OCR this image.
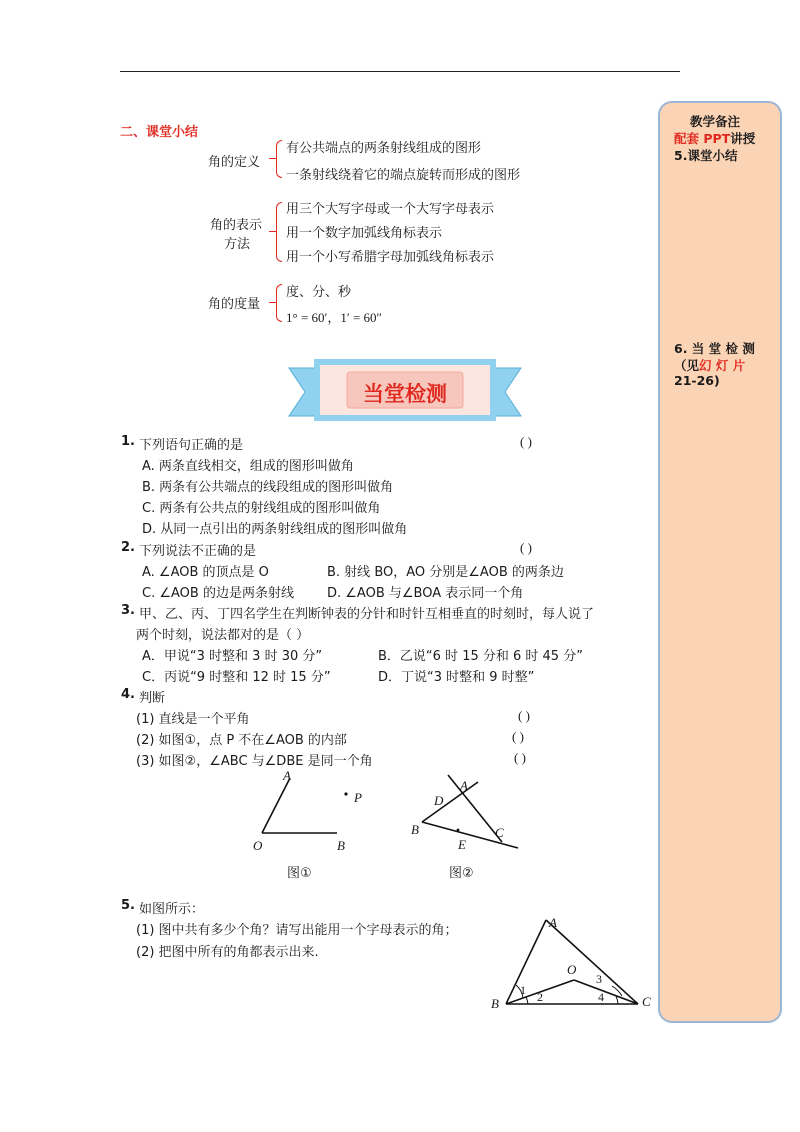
二、课堂小结
角的定义
有公共端点的两条射线组成的图形
一条射线绕着它的端点旋转而形成的图形
角的表示
方法
用三个大写字母或一个大写字母表示
用一个数字加弧线角标表示
用一个小写希腊字母加弧线角标表示
角的度量
度、分、秒
1° = 60′，1′ = 60″
当堂检测
1. 下列语句正确的是	( )
A. 两条直线相交，组成的图形叫做角
B. 两条有公共端点的线段组成的图形叫做角
C. 两条有公共点的射线组成的图形叫做角
D. 从同一点引出的两条射线组成的图形叫做角
2. 下列说法不正确的是	( )
A. ∠AOB 的顶点是 O	B. 射线 BO，AO 分别是∠AOB 的两条边
C. ∠AOB 的边是两条射线	D. ∠AOB 与∠BOA 表示同一个角
3. 甲、乙、丙、丁四名学生在判断钟表的分针和时针互相垂直的时刻时，每人说了
两个时刻，说法都对的是（ ）
A．甲说“3 时整和 3 时 30 分”	B．乙说“6 时 15 分和 6 时 45 分”
C．丙说“9 时整和 12 时 15 分”	D．丁说“3 时整和 9 时整”
4. 判断
(1) 直线是一个平角	( )
(2) 如图①，点 P 不在∠AOB 的内部	( )
(3) 如图②，∠ABC 与∠DBE 是同一个角	( )
A
O	B
P
图①
D
A
B	C
E
图②
5. 如图所示：
(1) 图中共有多少个角？请写出能用一个字母表示的角；
(2) 把图中所有的角都表示出来.
A
B	C
O
1 2
3
4
教学备注
配套 PPT讲授
5.课堂小结
6. 当 堂 检 测
（见幻 灯 片
21-26)
